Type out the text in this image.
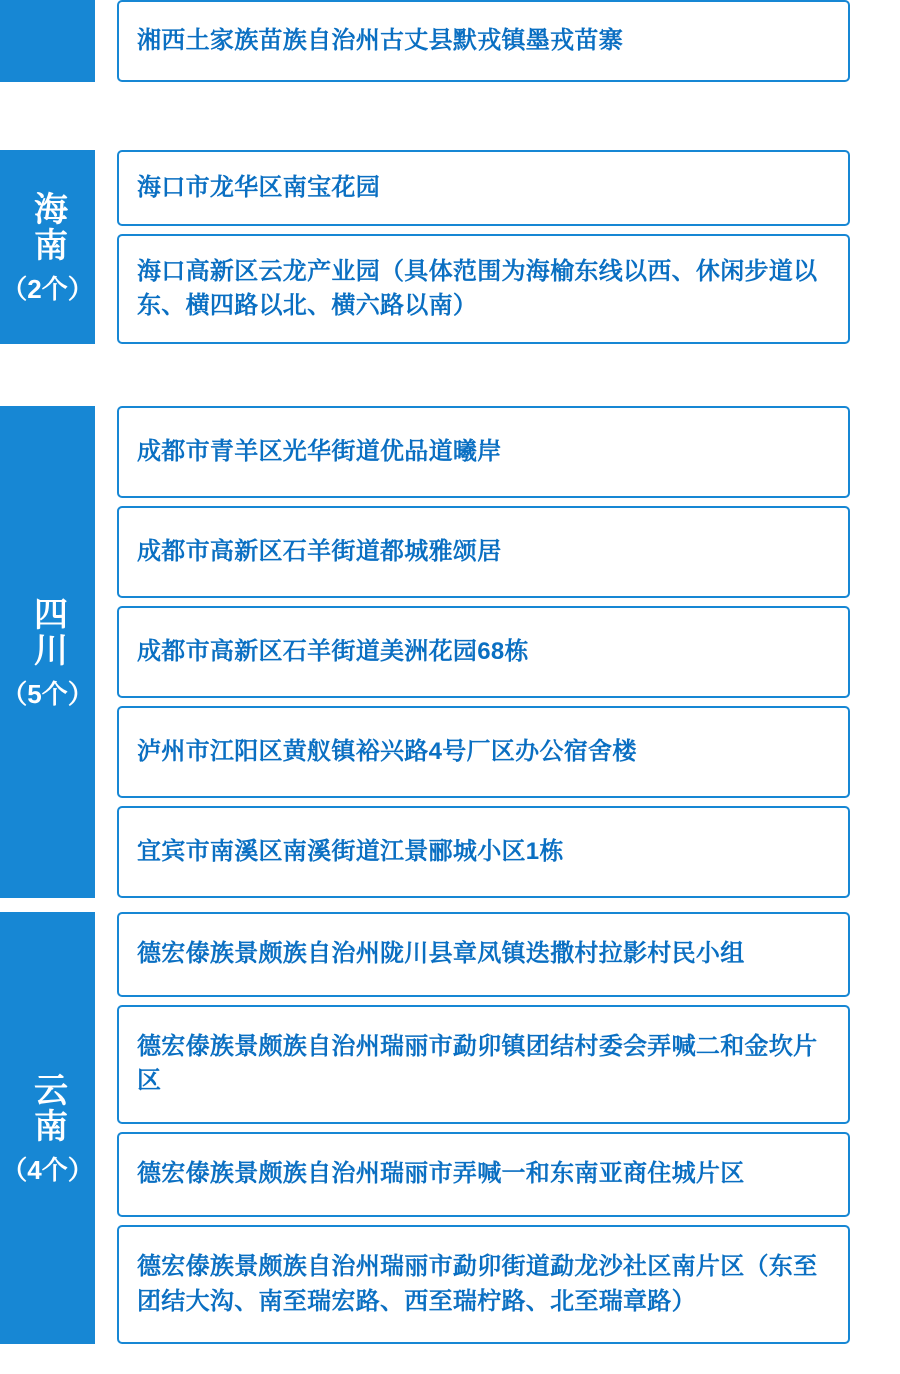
湘西土家族苗族自治州古丈县默戎镇墨戎苗寨
海南
（2个）
海口市龙华区南宝花园
海口高新区云龙产业园（具体范围为海榆东线以西、休闲步道以东、横四路以北、横六路以南）
四川
（5个）
成都市青羊区光华街道优品道曦岸
成都市高新区石羊街道都城雅颂居
成都市高新区石羊街道美洲花园68栋
泸州市江阳区黄舣镇裕兴路4号厂区办公宿舍楼
宜宾市南溪区南溪街道江景郦城小区1栋
云南
（4个）
德宏傣族景颇族自治州陇川县章凤镇迭撒村拉影村民小组
德宏傣族景颇族自治州瑞丽市勐卯镇团结村委会弄喊二和金坎片区
德宏傣族景颇族自治州瑞丽市弄喊一和东南亚商住城片区
德宏傣族景颇族自治州瑞丽市勐卯街道勐龙沙社区南片区（东至团结大沟、南至瑞宏路、西至瑞柠路、北至瑞章路）
